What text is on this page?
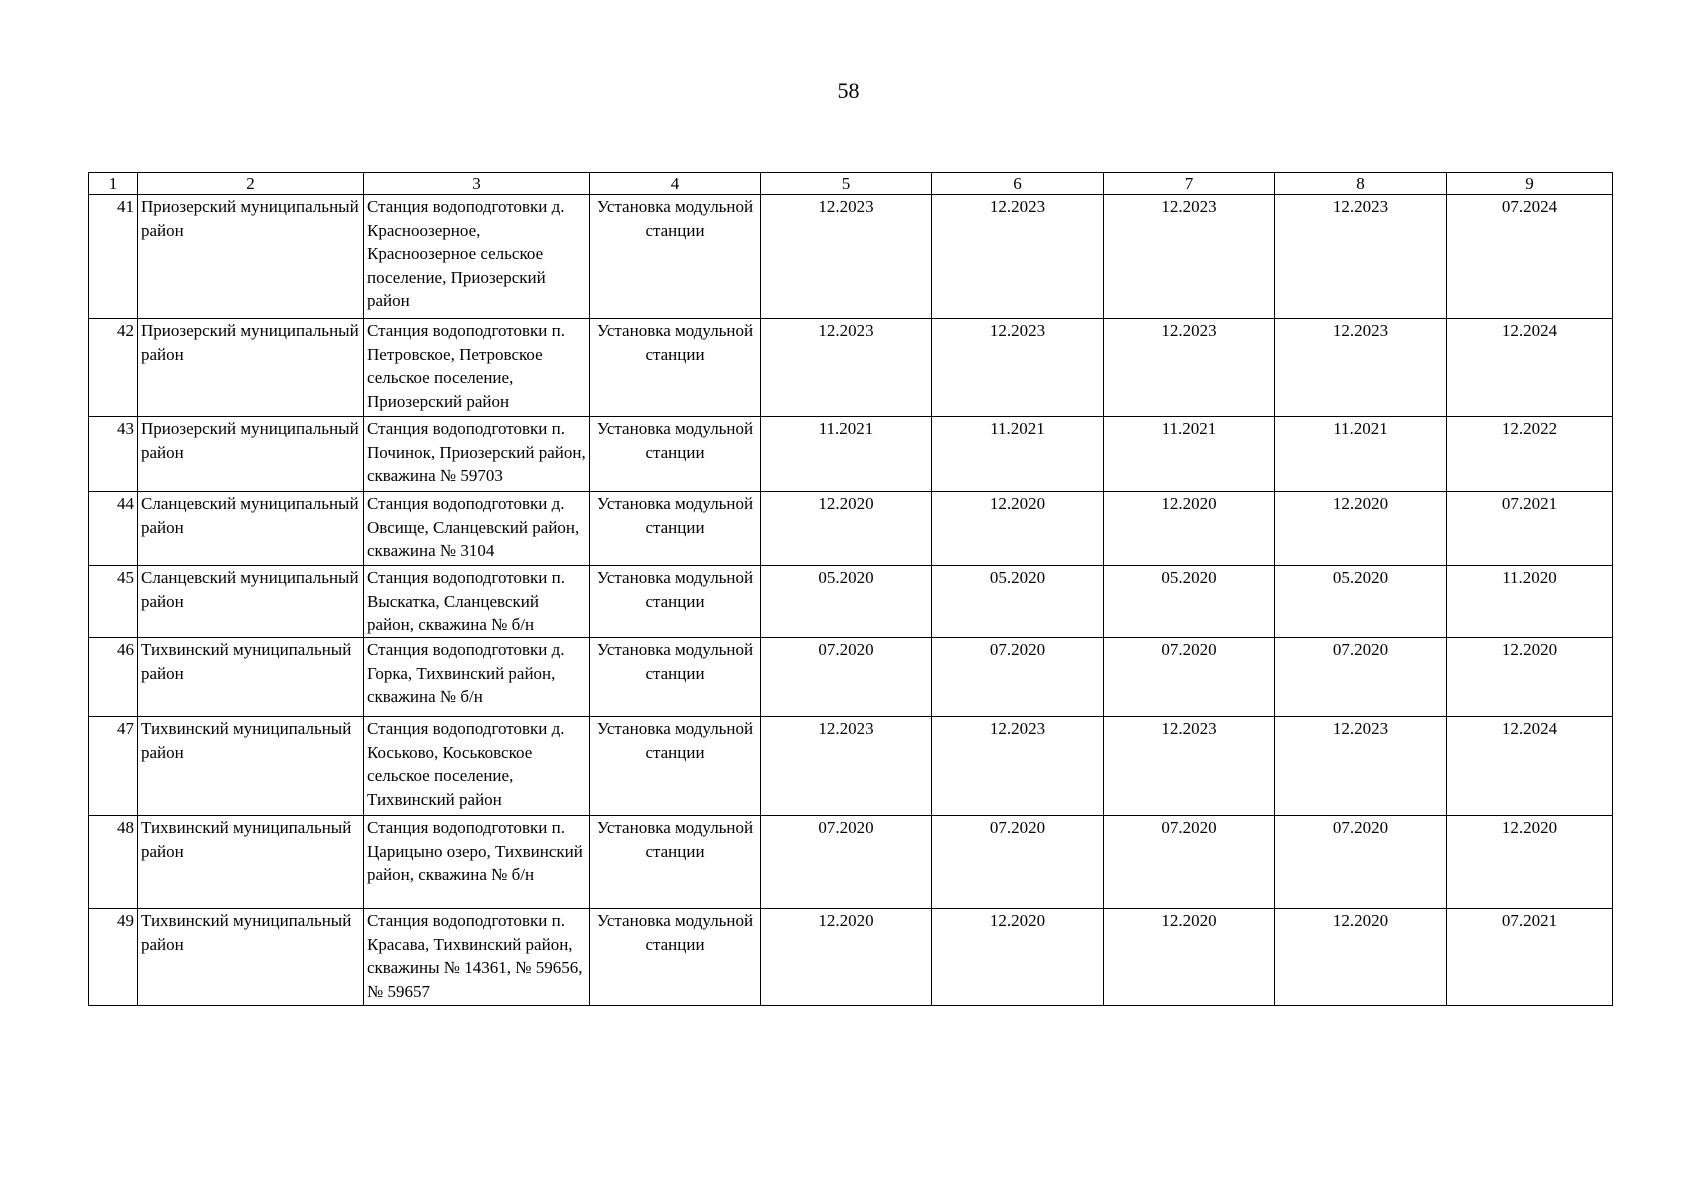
58
1	2	3	4	5	6	7	8	9
41	Приозерский муниципальный район	Станция водоподготовки д. Красноозерное, Красноозерное сельское поселение, Приозерский район	Установка модульной станции	12.2023	12.2023	12.2023	12.2023	07.2024
42	Приозерский муниципальный район	Станция водоподготовки п. Петровское, Петровское сельское поселение, Приозерский район	Установка модульной станции	12.2023	12.2023	12.2023	12.2023	12.2024
43	Приозерский муниципальный район	Станция водоподготовки п. Починок, Приозерский район, скважина № 59703	Установка модульной станции	11.2021	11.2021	11.2021	11.2021	12.2022
44	Сланцевский муниципальный район	Станция водоподготовки д. Овсище, Сланцевский район, скважина № 3104	Установка модульной станции	12.2020	12.2020	12.2020	12.2020	07.2021
45	Сланцевский муниципальный район	Станция водоподготовки п. Выскатка, Сланцевский район, скважина № б/н	Установка модульной станции	05.2020	05.2020	05.2020	05.2020	11.2020
46	Тихвинский муниципальный район	Станция водоподготовки д. Горка, Тихвинский район, скважина № б/н	Установка модульной станции	07.2020	07.2020	07.2020	07.2020	12.2020
47	Тихвинский муниципальный район	Станция водоподготовки д. Коськово, Коськовское сельское поселение, Тихвинский район	Установка модульной станции	12.2023	12.2023	12.2023	12.2023	12.2024
48	Тихвинский муниципальный район	Станция водоподготовки п. Царицыно озеро, Тихвинский район, скважина № б/н	Установка модульной станции	07.2020	07.2020	07.2020	07.2020	12.2020
49	Тихвинский муниципальный район	Станция водоподготовки п. Красава, Тихвинский район, скважины № 14361, № 59656, № 59657	Установка модульной станции	12.2020	12.2020	12.2020	12.2020	07.2021
